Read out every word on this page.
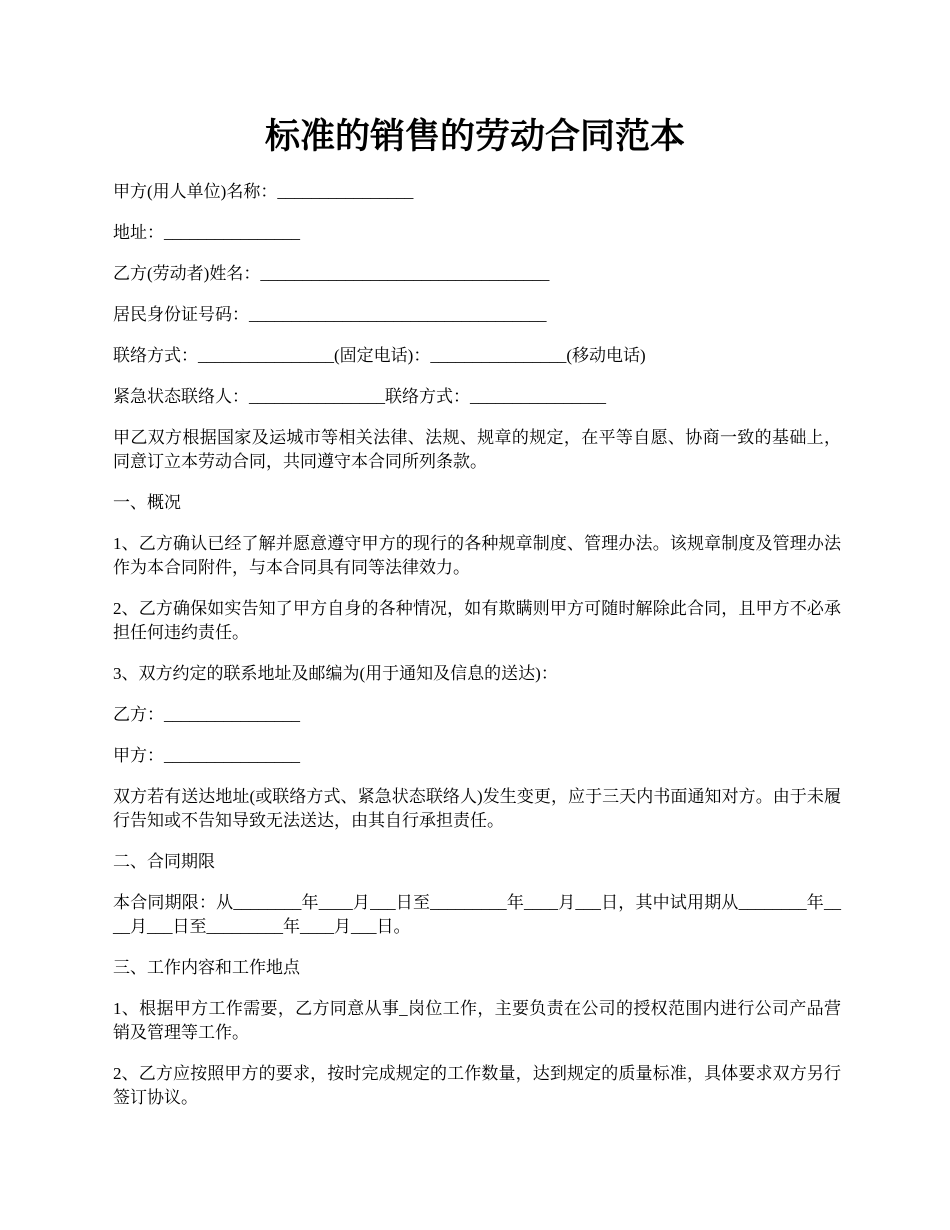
标准的销售的劳动合同范本

甲方(用人单位)名称：________________

地址：________________

乙方(劳动者)姓名：__________________________________

居民身份证号码：___________________________________

联络方式：________________(固定电话)：________________(移动电话)

紧急状态联络人：________________联络方式：________________

甲乙双方根据国家及运城市等相关法律、法规、规章的规定，在平等自愿、协商一致的基础上，同意订立本劳动合同，共同遵守本合同所列条款。

一、概况

1、乙方确认已经了解并愿意遵守甲方的现行的各种规章制度、管理办法。该规章制度及管理办法作为本合同附件，与本合同具有同等法律效力。

2、乙方确保如实告知了甲方自身的各种情况，如有欺瞒则甲方可随时解除此合同，且甲方不必承担任何违约责任。

3、双方约定的联系地址及邮编为(用于通知及信息的送达)：

乙方：________________

甲方：________________

双方若有送达地址(或联络方式、紧急状态联络人)发生变更，应于三天内书面通知对方。由于未履行告知或不告知导致无法送达，由其自行承担责任。

二、合同期限

本合同期限：从________年____月___日至_________年____月___日，其中试用期从________年____月___日至_________年____月___日。

三、工作内容和工作地点

1、根据甲方工作需要，乙方同意从事_岗位工作，主要负责在公司的授权范围内进行公司产品营销及管理等工作。

2、乙方应按照甲方的要求，按时完成规定的工作数量，达到规定的质量标准，具体要求双方另行签订协议。
